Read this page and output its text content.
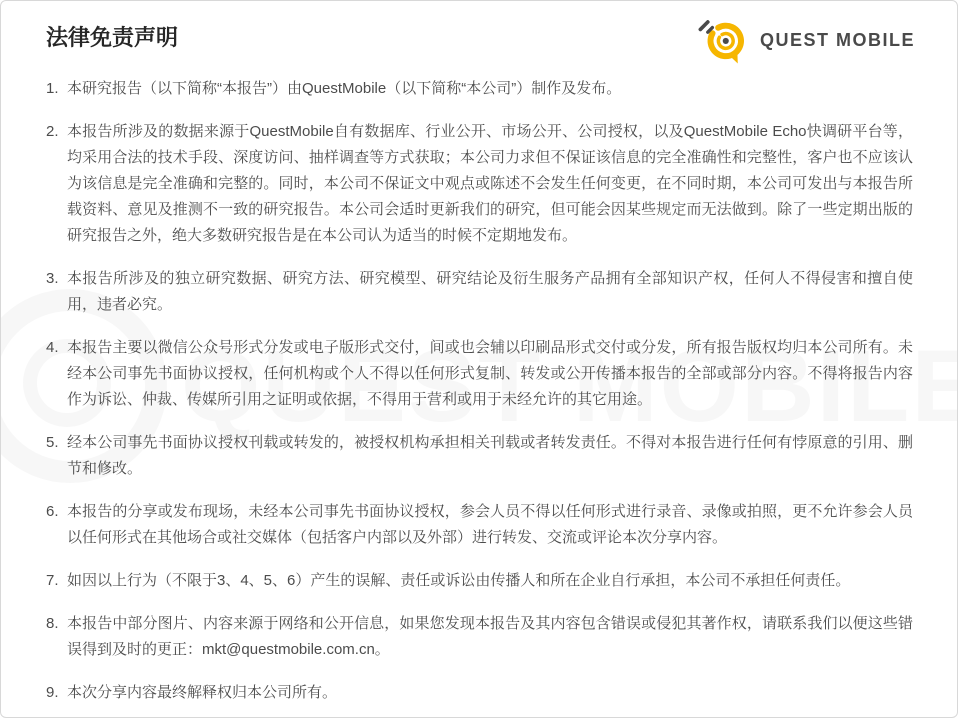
法律免责声明	QUEST MOBILE
1. 本研究报告（以下简称“本报告”）由QuestMobile（以下简称“本公司”）制作及发布。
2. 本报告所涉及的数据来源于QuestMobile自有数据库、行业公开、市场公开、公司授权，以及QuestMobile Echo快调研平台等，均采用合法的技术手段、深度访问、抽样调查等方式获取；本公司力求但不保证该信息的完全准确性和完整性，客户也不应该认为该信息是完全准确和完整的。同时，本公司不保证文中观点或陈述不会发生任何变更，在不同时期，本公司可发出与本报告所载资料、意见及推测不一致的研究报告。本公司会适时更新我们的研究，但可能会因某些规定而无法做到。除了一些定期出版的研究报告之外，绝大多数研究报告是在本公司认为适当的时候不定期地发布。
3. 本报告所涉及的独立研究数据、研究方法、研究模型、研究结论及衍生服务产品拥有全部知识产权，任何人不得侵害和擅自使用，违者必究。
4. 本报告主要以微信公众号形式分发或电子版形式交付，间或也会辅以印刷品形式交付或分发，所有报告版权均归本公司所有。未经本公司事先书面协议授权，任何机构或个人不得以任何形式复制、转发或公开传播本报告的全部或部分内容。不得将报告内容作为诉讼、仲裁、传媒所引用之证明或依据，不得用于营利或用于未经允许的其它用途。
5. 经本公司事先书面协议授权刊载或转发的，被授权机构承担相关刊载或者转发责任。不得对本报告进行任何有悖原意的引用、删节和修改。
6. 本报告的分享或发布现场，未经本公司事先书面协议授权，参会人员不得以任何形式进行录音、录像或拍照，更不允许参会人员以任何形式在其他场合或社交媒体（包括客户内部以及外部）进行转发、交流或评论本次分享内容。
7. 如因以上行为（不限于3、4、5、6）产生的误解、责任或诉讼由传播人和所在企业自行承担，本公司不承担任何责任。
8. 本报告中部分图片、内容来源于网络和公开信息，如果您发现本报告及其内容包含错误或侵犯其著作权，请联系我们以便这些错误得到及时的更正：mkt@questmobile.com.cn。
9. 本次分享内容最终解释权归本公司所有。
